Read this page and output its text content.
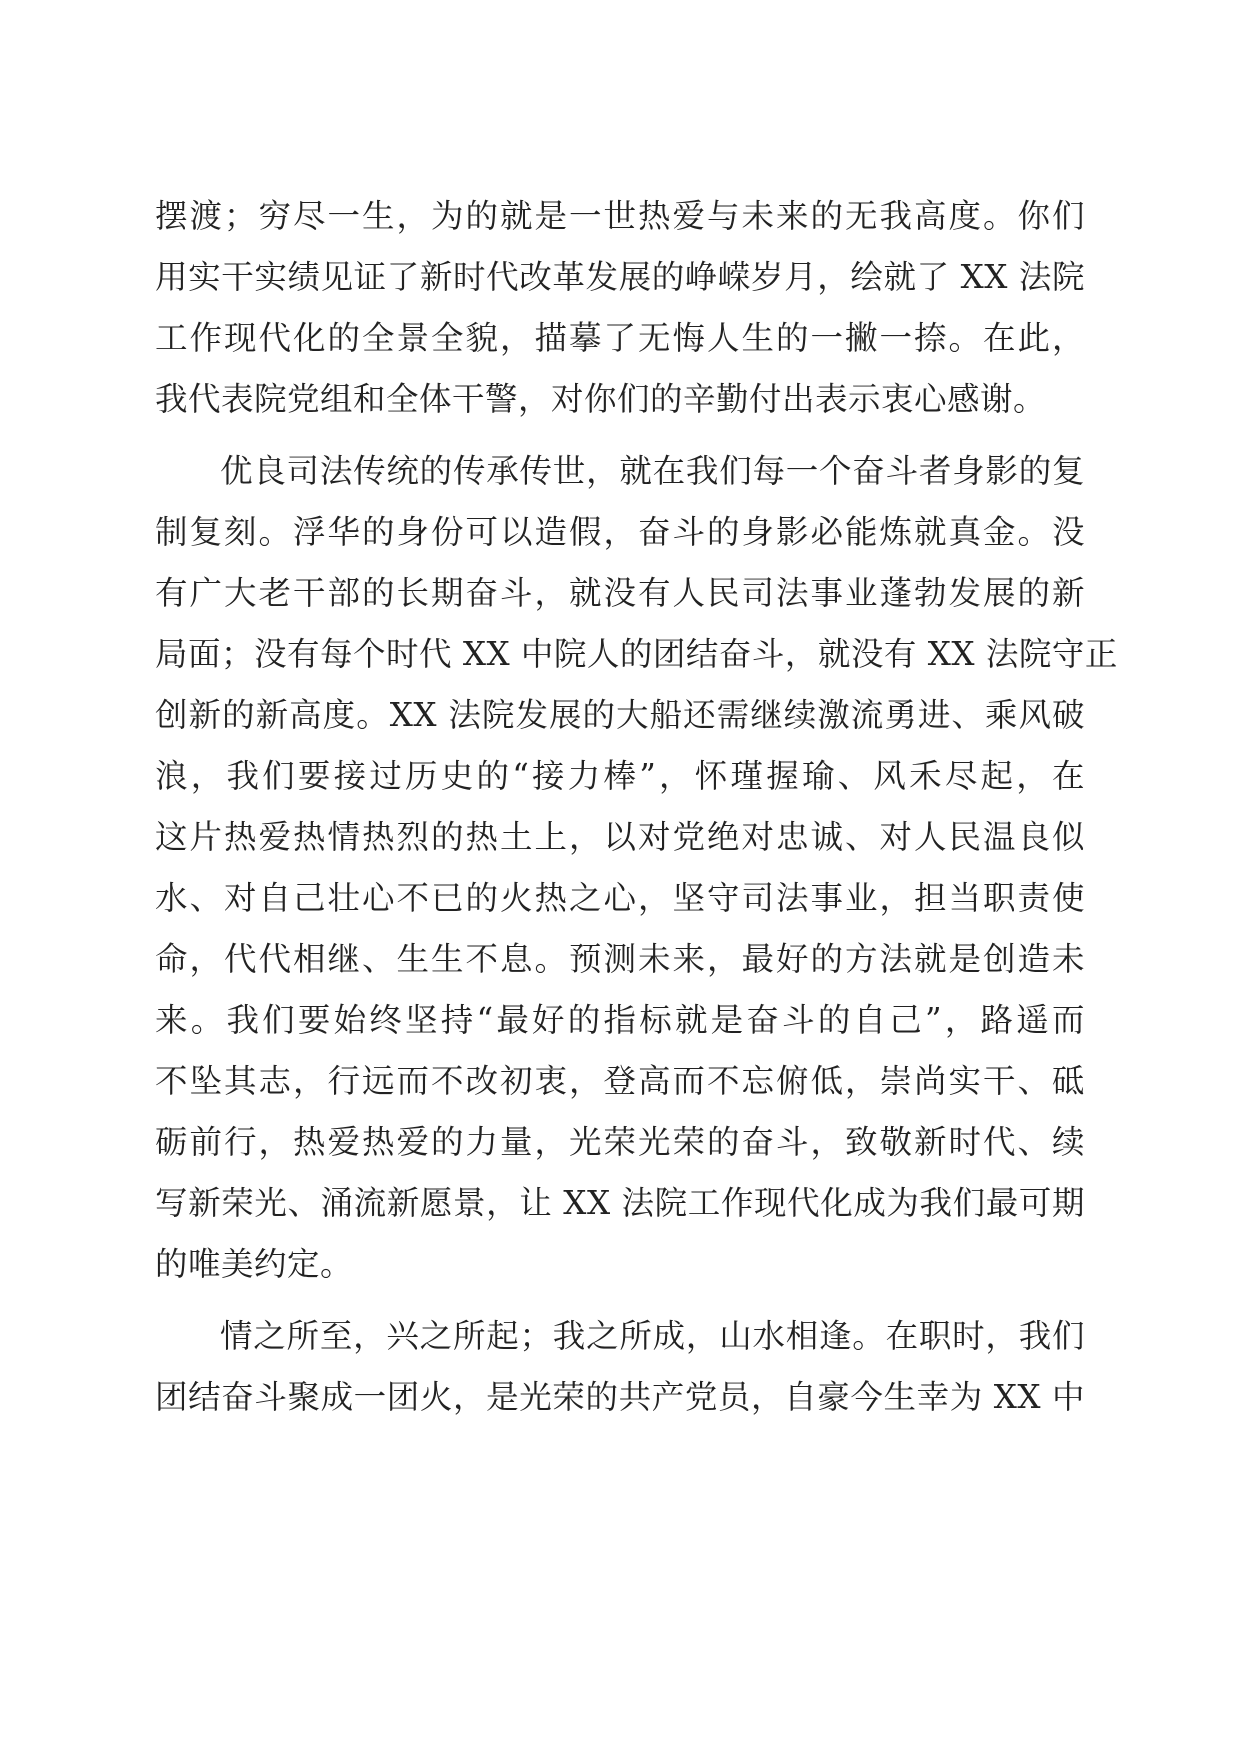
摆渡；穷尽一生，为的就是一世热爱与未来的无我高度。你们
用实干实绩见证了新时代改革发展的峥嵘岁月，绘就了 XX 法院
工作现代化的全景全貌，描摹了无悔人生的一撇一捺。在此，
我代表院党组和全体干警，对你们的辛勤付出表示衷心感谢。
优良司法传统的传承传世，就在我们每一个奋斗者身影的复
制复刻。浮华的身份可以造假，奋斗的身影必能炼就真金。没
有广大老干部的长期奋斗，就没有人民司法事业蓬勃发展的新
局面；没有每个时代 XX 中院人的团结奋斗，就没有 XX 法院守正
创新的新高度。XX 法院发展的大船还需继续激流勇进、乘风破
浪，我们要接过历史的“接力棒”，怀瑾握瑜、风禾尽起，在
这片热爱热情热烈的热土上，以对党绝对忠诚、对人民温良似
水、对自己壮心不已的火热之心，坚守司法事业，担当职责使
命，代代相继、生生不息。预测未来，最好的方法就是创造未
来。我们要始终坚持“最好的指标就是奋斗的自己”，路遥而
不坠其志，行远而不改初衷，登高而不忘俯低，崇尚实干、砥
砺前行，热爱热爱的力量，光荣光荣的奋斗，致敬新时代、续
写新荣光、涌流新愿景，让 XX 法院工作现代化成为我们最可期
的唯美约定。
情之所至，兴之所起；我之所成，山水相逢。在职时，我们
团结奋斗聚成一团火，是光荣的共产党员，自豪今生幸为 XX 中
